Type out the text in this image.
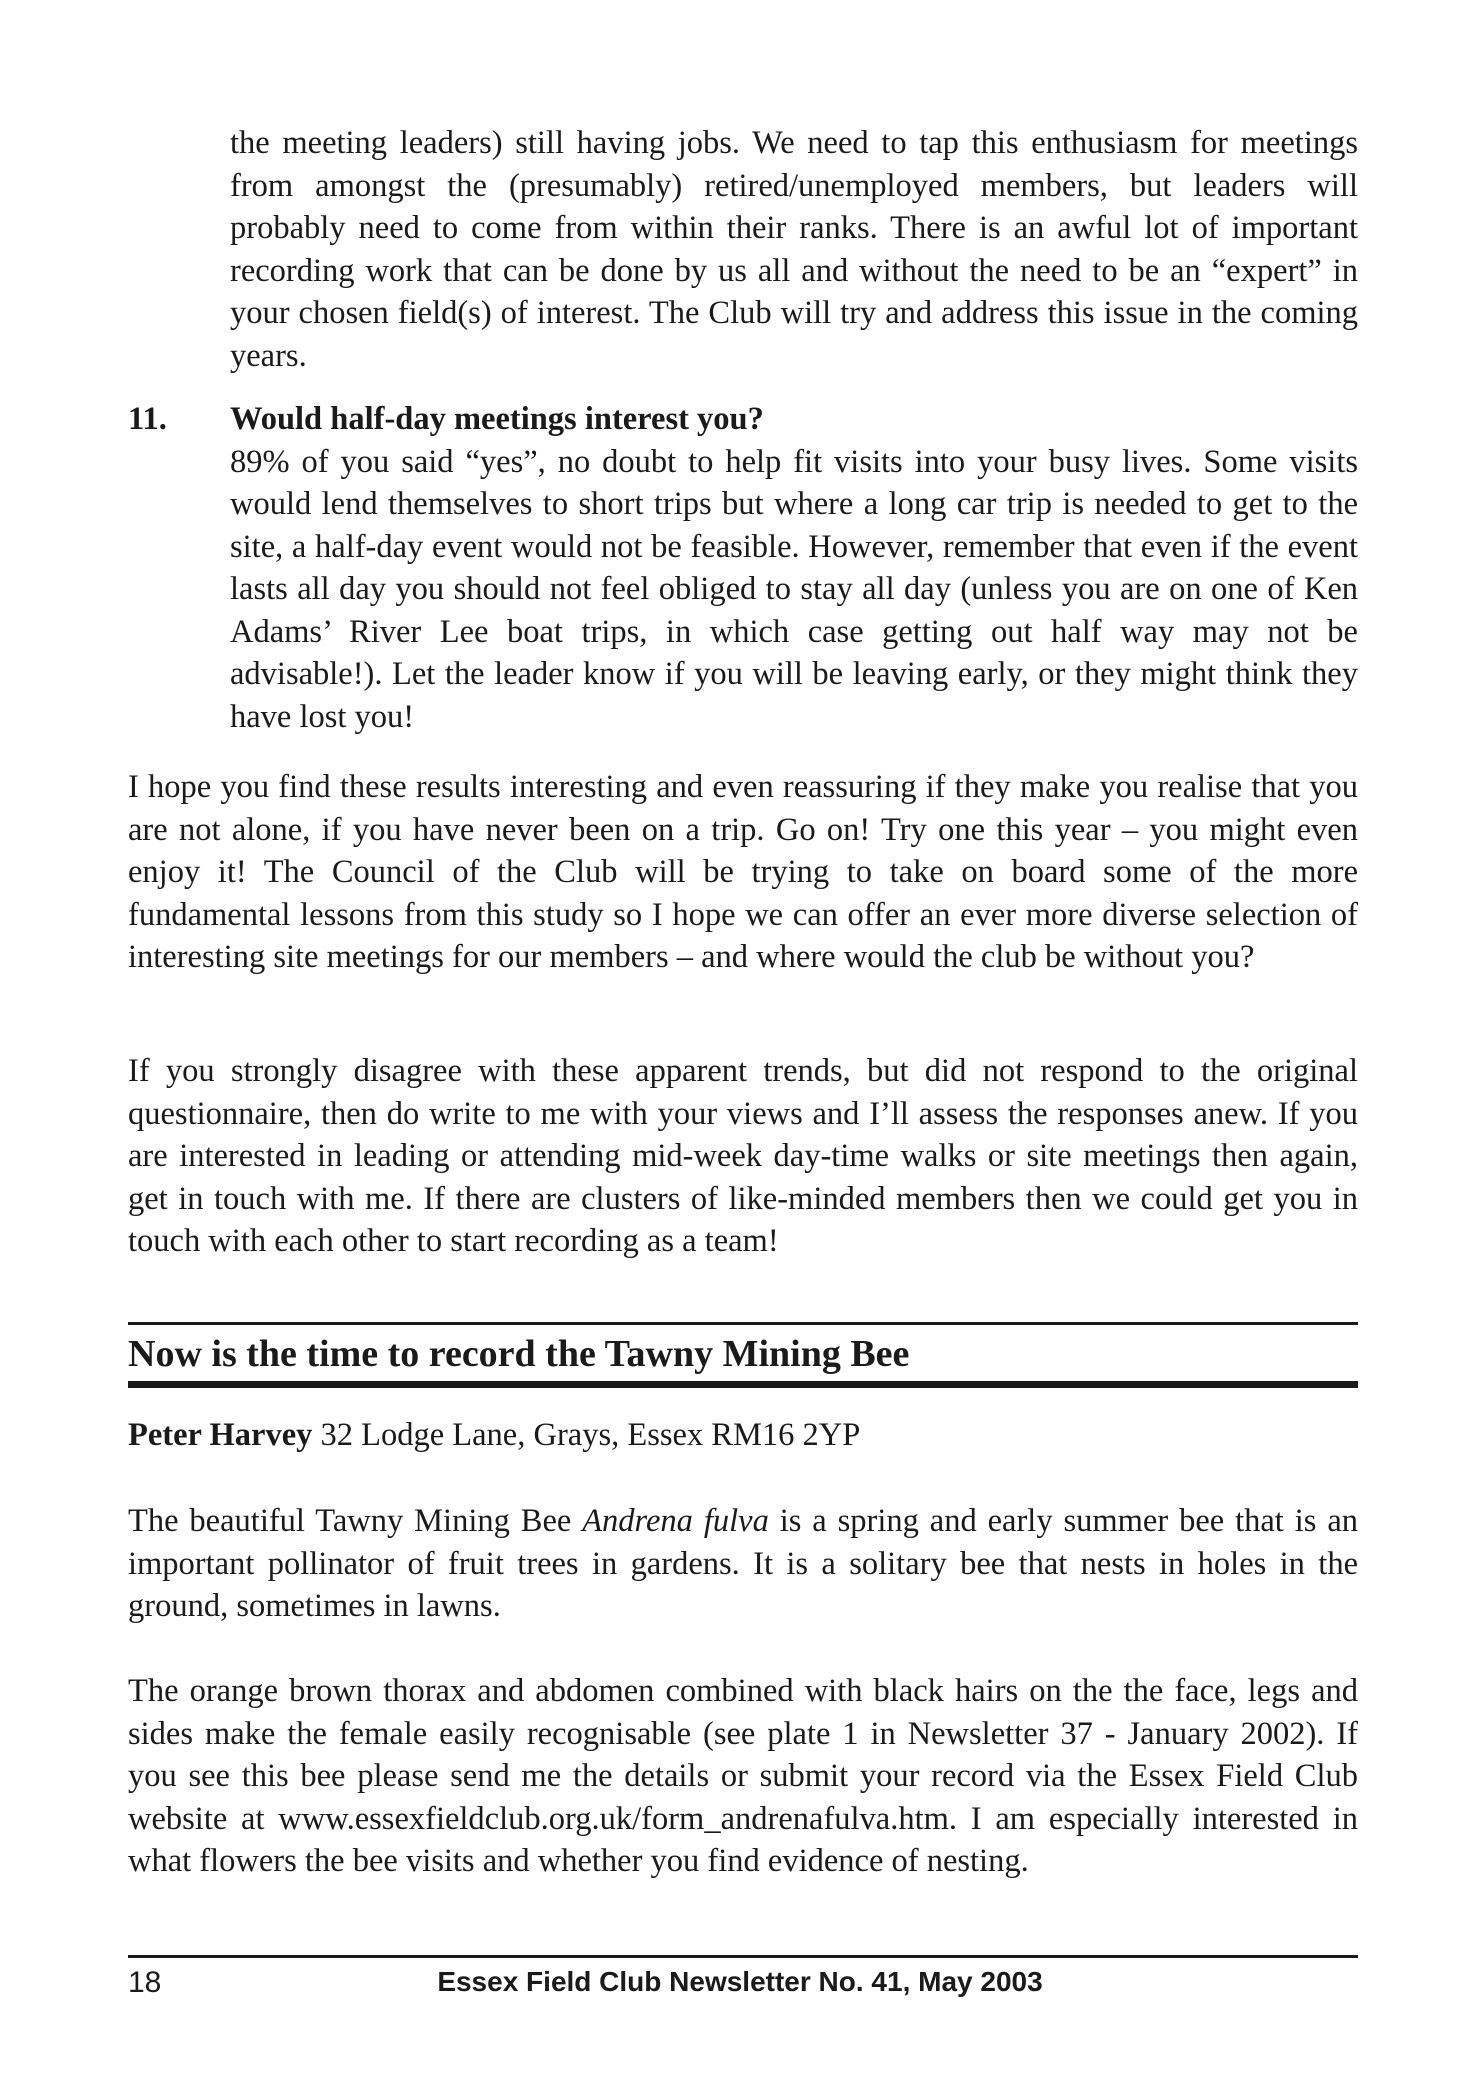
the meeting leaders) still having jobs. We need to tap this enthusiasm for meetings from amongst the (presumably) retired/unemployed members, but leaders will probably need to come from within their ranks. There is an awful lot of important recording work that can be done by us all and without the need to be an “expert” in your chosen field(s) of interest. The Club will try and address this issue in the coming years.

11. Would half-day meetings interest you?
89% of you said “yes”, no doubt to help fit visits into your busy lives. Some visits would lend themselves to short trips but where a long car trip is needed to get to the site, a half-day event would not be feasible. However, remember that even if the event lasts all day you should not feel obliged to stay all day (unless you are on one of Ken Adams’ River Lee boat trips, in which case getting out half way may not be advisable!). Let the leader know if you will be leaving early, or they might think they have lost you!

I hope you find these results interesting and even reassuring if they make you realise that you are not alone, if you have never been on a trip. Go on! Try one this year – you might even enjoy it! The Council of the Club will be trying to take on board some of the more fundamental lessons from this study so I hope we can offer an ever more diverse selection of interesting site meetings for our members – and where would the club be without you?

If you strongly disagree with these apparent trends, but did not respond to the original questionnaire, then do write to me with your views and I’ll assess the responses anew. If you are interested in leading or attending mid-week day-time walks or site meetings then again, get in touch with me. If there are clusters of like-minded members then we could get you in touch with each other to start recording as a team!

Now is the time to record the Tawny Mining Bee

Peter Harvey 32 Lodge Lane, Grays, Essex RM16 2YP

The beautiful Tawny Mining Bee Andrena fulva is a spring and early summer bee that is an important pollinator of fruit trees in gardens. It is a solitary bee that nests in holes in the ground, sometimes in lawns.

The orange brown thorax and abdomen combined with black hairs on the the face, legs and sides make the female easily recognisable (see plate 1 in Newsletter 37 - January 2002). If you see this bee please send me the details or submit your record via the Essex Field Club website at www.essexfieldclub.org.uk/form_andrenafulva.htm. I am especially interested in what flowers the bee visits and whether you find evidence of nesting.

18	Essex Field Club Newsletter No. 41, May 2003
